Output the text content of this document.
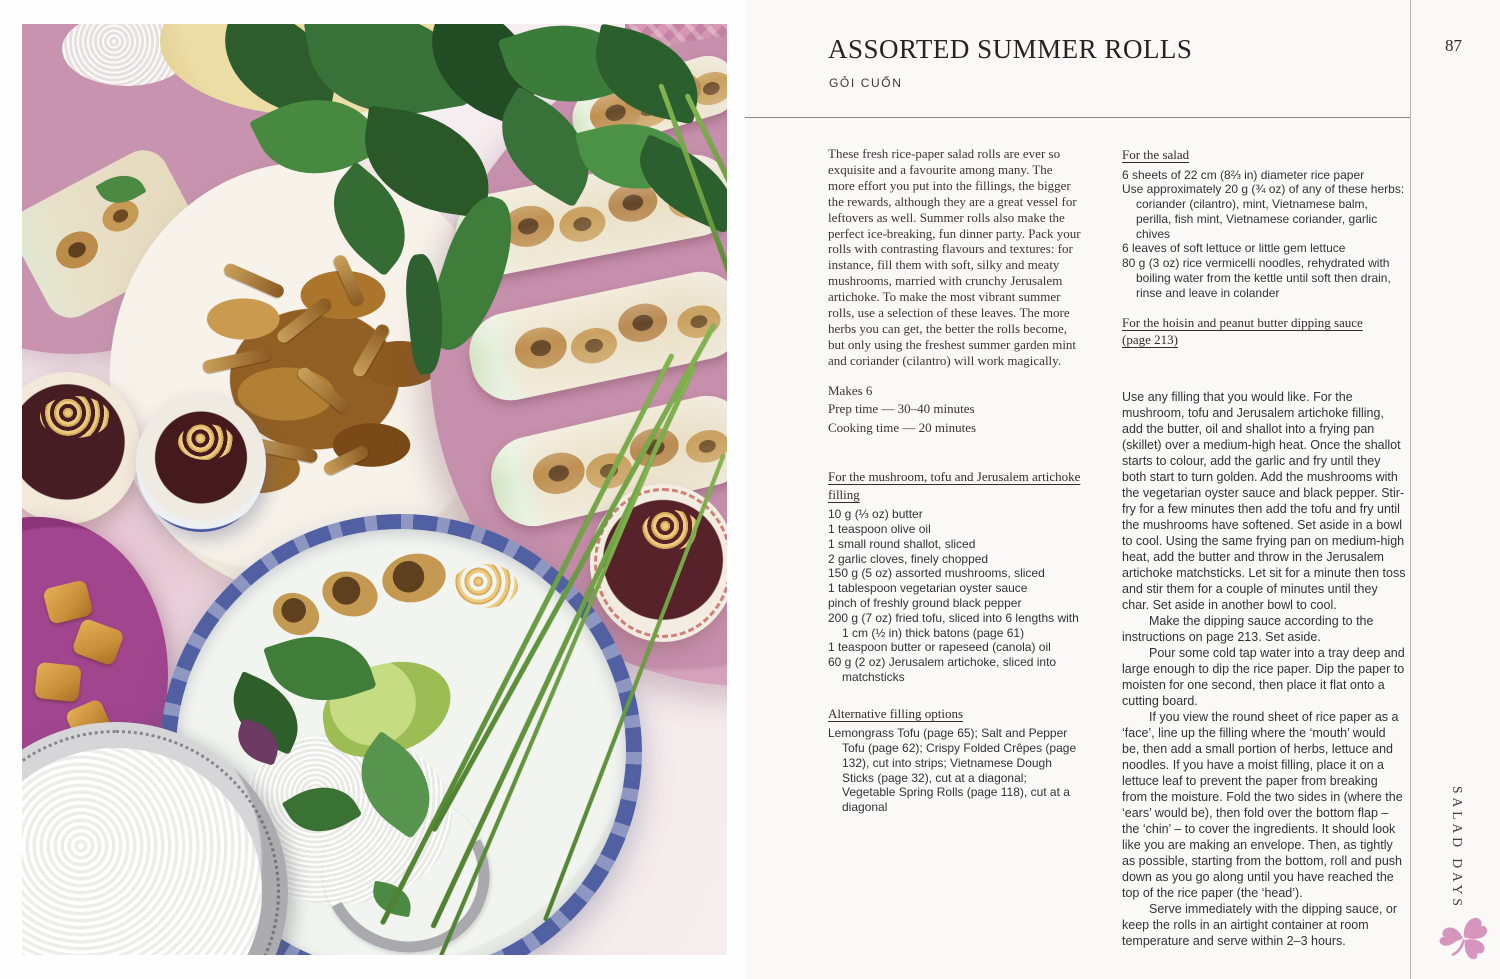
ASSORTED SUMMER ROLLS
GỎI CUỐN
87
SALAD DAYS

These fresh rice-paper salad rolls are ever so exquisite and a favourite among many. The more effort you put into the fillings, the bigger the rewards, although they are a great vessel for leftovers as well. Summer rolls also make the perfect ice-breaking, fun dinner party. Pack your rolls with contrasting flavours and textures: for instance, fill them with soft, silky and meaty mushrooms, married with crunchy Jerusalem artichoke. To make the most vibrant summer rolls, use a selection of these leaves. The more herbs you can get, the better the rolls become, but only using the freshest summer garden mint and coriander (cilantro) will work magically.

Makes 6
Prep time — 30–40 minutes
Cooking time — 20 minutes
For the mushroom, tofu and Jerusalem artichoke filling
10 g (⅓ oz) butter
1 teaspoon olive oil
1 small round shallot, sliced
2 garlic cloves, finely chopped
150 g (5 oz) assorted mushrooms, sliced
1 tablespoon vegetarian oyster sauce
pinch of freshly ground black pepper
200 g (7 oz) fried tofu, sliced into 6 lengths with 1 cm (½ in) thick batons (page 61)
1 teaspoon butter or rapeseed (canola) oil
60 g (2 oz) Jerusalem artichoke, sliced into matchsticks
Alternative filling options

Lemongrass Tofu (page 65); Salt and Pepper Tofu (page 62); Crispy Folded Crêpes (page 132), cut into strips; Vietnamese Dough Sticks (page 32), cut at a diagonal; Vegetable Spring Rolls (page 118), cut at a diagonal

For the salad
6 sheets of 22 cm (8⅔ in) diameter rice paper
Use approximately 20 g (¾ oz) of any of these herbs: coriander (cilantro), mint, Vietnamese balm, perilla, fish mint, Vietnamese coriander, garlic chives
6 leaves of soft lettuce or little gem lettuce
80 g (3 oz) rice vermicelli noodles, rehydrated with boiling water from the kettle until soft then drain, rinse and leave in colander
For the hoisin and peanut butter dipping sauce
(page 213)

Use any filling that you would like. For the mushroom, tofu and Jerusalem artichoke filling, add the butter, oil and shallot into a frying pan (skillet) over a medium-high heat. Once the shallot starts to colour, add the garlic and fry until they both start to turn golden. Add the mushrooms with the vegetarian oyster sauce and black pepper. Stir-fry for a few minutes then add the tofu and fry until the mushrooms have softened. Set aside in a bowl to cool. Using the same frying pan on medium-high heat, add the butter and throw in the Jerusalem artichoke matchsticks. Let sit for a minute then toss and stir them for a couple of minutes until they char. Set aside in another bowl to cool.

Make the dipping sauce according to the instructions on page 213. Set aside.

Pour some cold tap water into a tray deep and large enough to dip the rice paper. Dip the paper to moisten for one second, then place it flat onto a cutting board.

If you view the round sheet of rice paper as a ‘face’, line up the filling where the ‘mouth’ would be, then add a small portion of herbs, lettuce and noodles. If you have a moist filling, place it on a lettuce leaf to prevent the paper from breaking from the moisture. Fold the two sides in (where the ‘ears’ would be), then fold over the bottom flap – the ‘chin’ – to cover the ingredients. It should look like you are making an envelope. Then, as tightly as possible, starting from the bottom, roll and push down as you go along until you have reached the top of the rice paper (the ‘head’).

Serve immediately with the dipping sauce, or keep the rolls in an airtight container at room temperature and serve within 2–3 hours.
